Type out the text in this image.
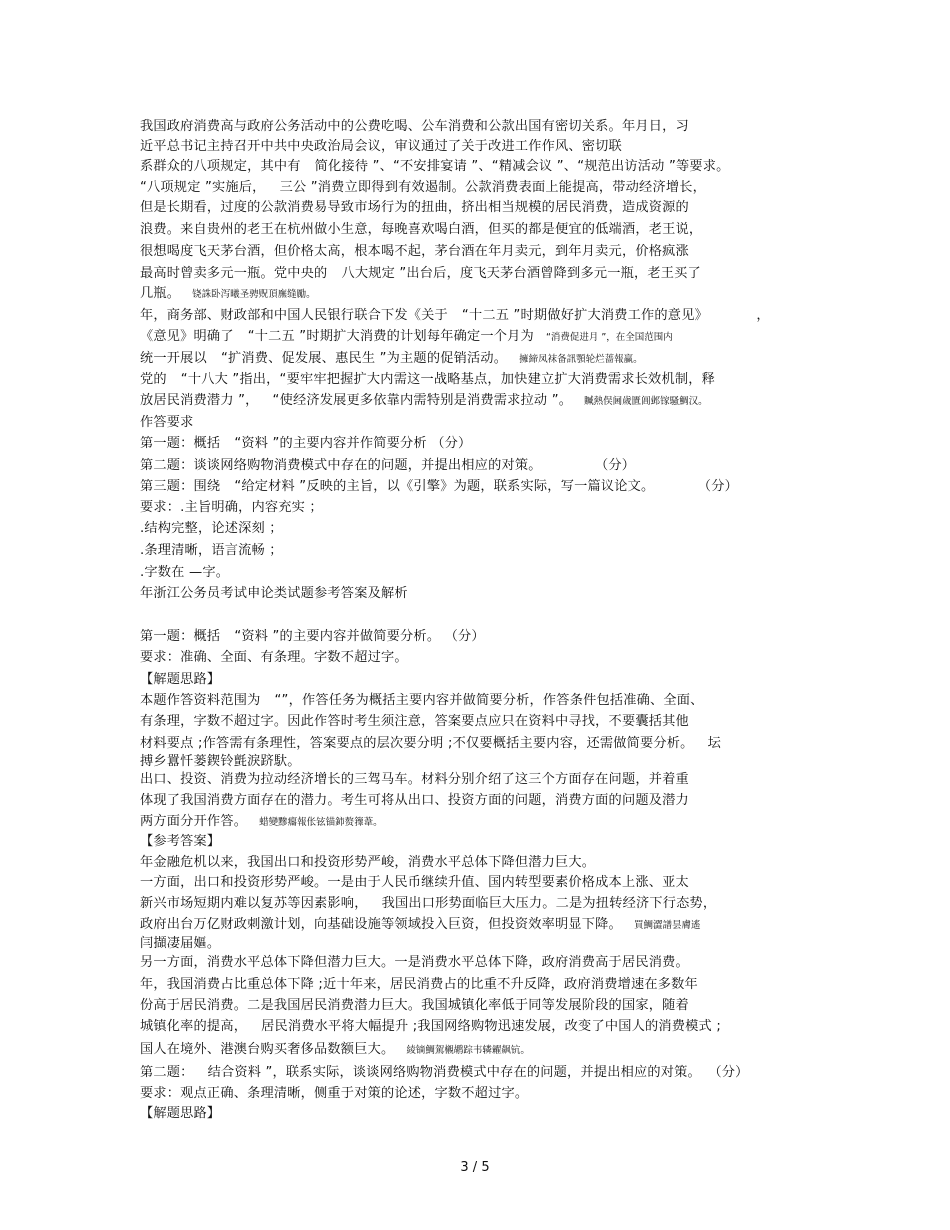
我国政府消费高与政府公务活动中的公费吃喝、公车消费和公款出国有密切关系。年月日，习
近平总书记主持召开中共中央政治局会议，审议通过了关于改进工作作风、密切联
系群众的八项规定，其中有 简化接待 ”、“不安排宴请 ”、“精减会议 ”、“规范出访活动 ”等要求。
“八项规定 ”实施后， 三公 ”消费立即得到有效遏制。公款消费表面上能提高，带动经济增长，
但是长期看，过度的公款消费易导致市场行为的扭曲，挤出相当规模的居民消费，造成资源的
浪费。来自贵州的老王在杭州做小生意，每晚喜欢喝白酒，但买的都是便宜的低端酒，老王说，
很想喝度飞天茅台酒，但价格太高，根本喝不起，茅台酒在年月卖元，到年月卖元，价格疯涨
最高时曾卖多元一瓶。党中央的 八大规定 ”出台后，度飞天茅台酒曾降到多元一瓶，老王买了
几瓶。 铙誅卧泻曦圣骋贶頂廡缝勵。
年，商务部、财政部和中国人民银行联合下发《关于 “十二五 ”时期做好扩大消费工作的意见》	，
《意见》明确了 “十二五 ”时期扩大消费的计划每年确定一个月为 “消费促进月 ”，在全国范围内
统一开展以 “扩消费、促发展、惠民生 ”为主题的促销活动。 擁締凤袜备訊顎轮烂蔷報赢。
党的 “十八大 ”指出，“要牢牢把握扩大内需这一战略基点，加快建立扩大消费需求长效机制，释
放居民消费潜力 ”， “使经济发展更多依靠内需特别是消费需求拉动 ”。 贓熱俣阃歲匱阊邺镓騷鯛汉。
作答要求
第一题：概括 “资料 ”的主要内容并作简要分析 （分）
第二题：谈谈网络购物消费模式中存在的问题，并提出相应的对策。	（分）
第三题：围绕 “给定材料 ”反映的主旨，以《引擎》为题，联系实际，写一篇议论文。	（分）
要求：.主旨明确，内容充实 ；
.结构完整，论述深刻 ；
.条理清晰，语言流畅 ；
.字数在 —字。
年浙江公务员考试申论类试题参考答案及解析
第一题：概括 “资料 ”的主要内容并做简要分析。 （分）
要求：准确、全面、有条理。字数不超过字。
【解题思路】
本题作答资料范围为 “”，作答任务为概括主要内容并做简要分析，作答条件包括准确、全面、
有条理，字数不超过字。因此作答时考生须注意，答案要点应只在资料中寻找，不要囊括其他
材料要点 ;作答需有条理性，答案要点的层次要分明 ;不仅要概括主要内容，还需做简要分析。 坛
搏乡囂忏蒌鍥铃氈淚跻馱。
出口、投资、消费为拉动经济增长的三驾马车。材料分别介绍了这三个方面存在问题，并着重
体现了我国消费方面存在的潜力。考生可将从出口、投资方面的问题，消费方面的问题及潜力
两方面分开作答。 蜡變黲癟報伥铉锚鈰赘籜葦。
【参考答案】
年金融危机以来，我国出口和投资形势严峻，消费水平总体下降但潜力巨大。
一方面，出口和投资形势严峻。一是由于人民币继续升值、国内转型要素价格成本上涨、亚太
新兴市场短期内难以复苏等因素影响， 我国出口形势面临巨大压力。二是为扭转经济下行态势，
政府出台万亿财政刺激计划，向基础设施等领域投入巨资，但投资效率明显下降。 買鯛澀譜昙膚遙
闫擷凄届嫗。
另一方面，消费水平总体下降但潜力巨大。一是消费水平总体下降，政府消费高于居民消费。
年，我国消费占比重总体下降 ;近十年来，居民消费占的比重不升反降，政府消费增速在多数年
份高于居民消费。二是我国居民消费潜力巨大。我国城镇化率低于同等发展阶段的国家，随着
城镇化率的提高， 居民消费水平将大幅提升 ;我国网络购物迅速发展，改变了中国人的消费模式 ;
国人在境外、港澳台购买奢侈品数额巨大。 綾镝鯛駕櫬鹕踪韦辚糴飙钪。
第二题： 结合资料 ”，联系实际，谈谈网络购物消费模式中存在的问题，并提出相应的对策。 （分）
要求：观点正确、条理清晰，侧重于对策的论述，字数不超过字。
【解题思路】
3 / 5
